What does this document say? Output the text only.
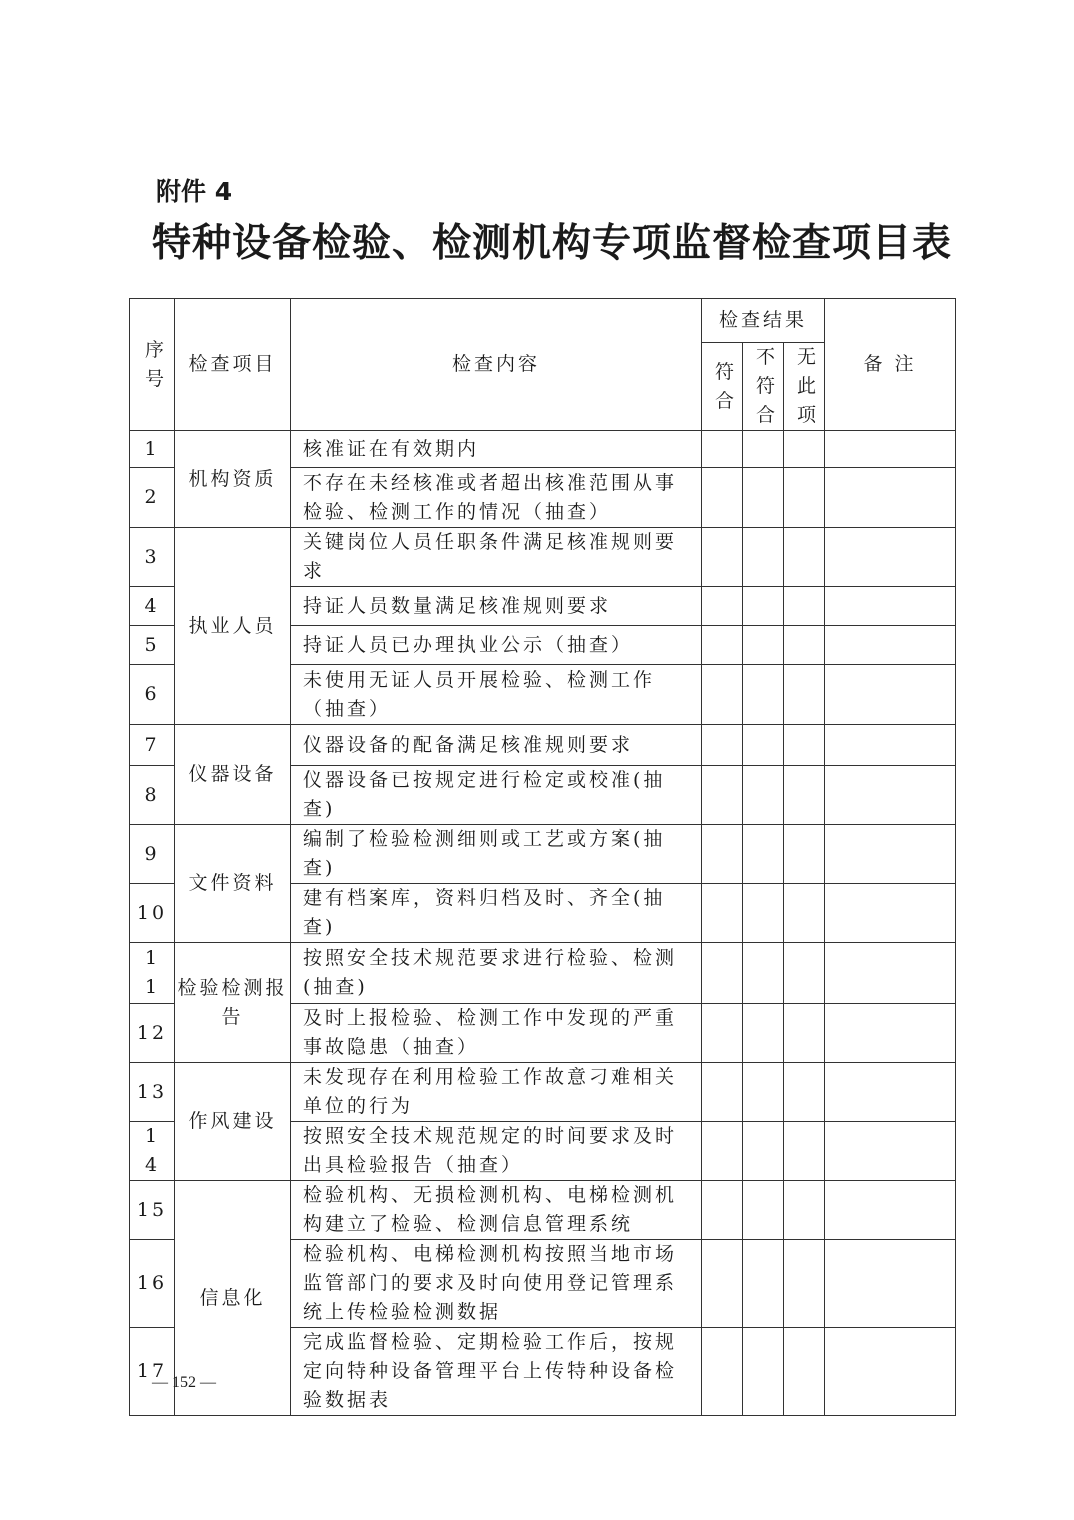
附件 4
特种设备检验、检测机构专项监督检查项目表
序号	检查项目	检查内容	检查结果			备 注
			符合	不符合	无此项	
1	机构资质	核准证在有效期内				
2		不存在未经核准或者超出核准范围从事检验、检测工作的情况（抽查）				
3	执业人员	关键岗位人员任职条件满足核准规则要求				
4		持证人员数量满足核准规则要求				
5		持证人员已办理执业公示（抽查）				
6		未使用无证人员开展检验、检测工作（抽查）				
7	仪器设备	仪器设备的配备满足核准规则要求				
8		仪器设备已按规定进行检定或校准(抽查)				
9	文件资料	编制了检验检测细则或工艺或方案(抽查)				
10		建有档案库，资料归档及时、齐全(抽查)				
11	检验检测报告	按照安全技术规范要求进行检验、检测(抽查)				
12		及时上报检验、检测工作中发现的严重事故隐患（抽查）				
13	作风建设	未发现存在利用检验工作故意刁难相关单位的行为				
14		按照安全技术规范规定的时间要求及时出具检验报告（抽查）				
15	信息化	检验机构、无损检测机构、电梯检测机构建立了检验、检测信息管理系统				
16		检验机构、电梯检测机构按照当地市场监管部门的要求及时向使用登记管理系统上传检验检测数据				
17		完成监督检验、定期检验工作后，按规定向特种设备管理平台上传特种设备检验数据表				
— 152 —
